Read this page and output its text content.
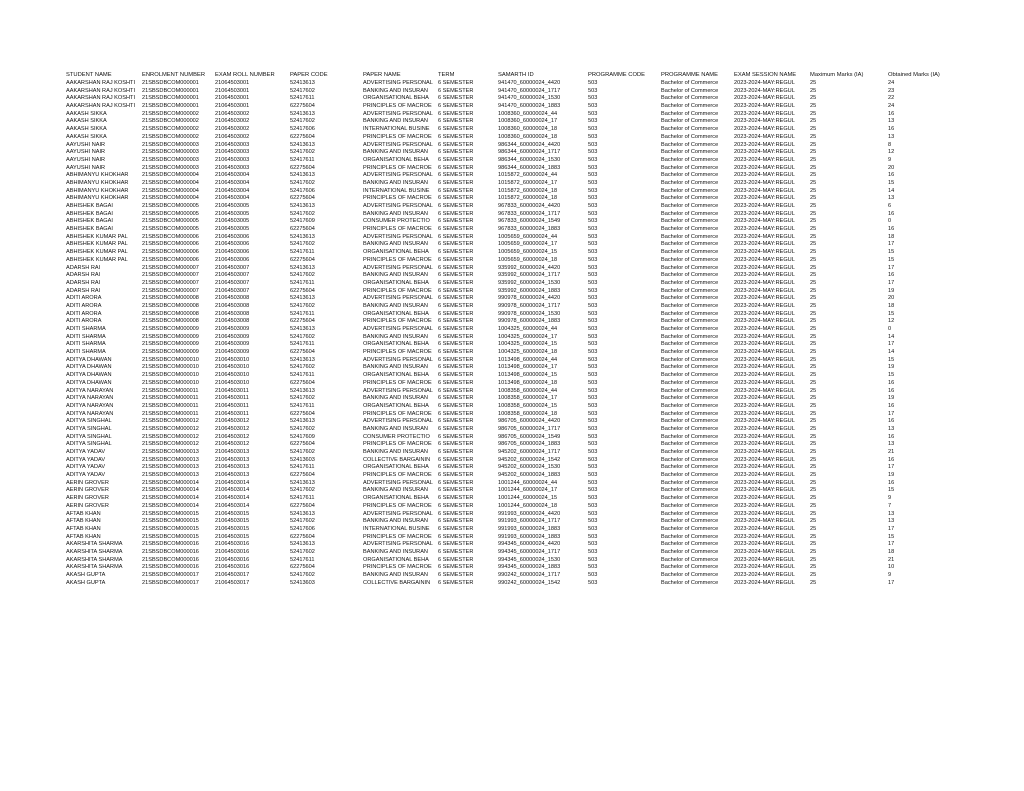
STUDENT NAME	ENROLMENT NUMBER	EXAM ROLL NUMBER	PAPER CODE	PAPER NAME	TERM	SAMARTH ID	PROGRAMME CODE	PROGRAMME NAME	EXAM SESSION NAME	Maximum Marks (IA)	Obtained Marks (IA)
AAKARSHAN RAJ KOSHTI	21SBSDBCOM000001	21064503001	52413613	ADVERTISING PERSONAL	6 SEMESTER	941470_60000024_4420	503	Bachelor of Commerce	2023-2024-MAY:REGUL	25	24
AAKARSHAN RAJ KOSHTI	21SBSDBCOM000001	21064503001	52417602	BANKING AND INSURAN	6 SEMESTER	941470_60000024_1717	503	Bachelor of Commerce	2023-2024-MAY:REGUL	25	23
AAKARSHAN RAJ KOSHTI	21SBSDBCOM000001	21064503001	52417611	ORGANISATIONAL BEHA	6 SEMESTER	941470_60000024_1530	503	Bachelor of Commerce	2023-2024-MAY:REGUL	25	22
AAKARSHAN RAJ KOSHTI	21SBSDBCOM000001	21064503001	62275604	PRINCIPLES OF MACROE	6 SEMESTER	941470_60000024_1883	503	Bachelor of Commerce	2023-2024-MAY:REGUL	25	24
AAKASH SIKKA	21SBSDBCOM000002	21064503002	52413613	ADVERTISING PERSONAL	6 SEMESTER	1008360_60000024_44	503	Bachelor of Commerce	2023-2024-MAY:REGUL	25	16
AAKASH SIKKA	21SBSDBCOM000002	21064503002	52417602	BANKING AND INSURAN	6 SEMESTER	1008360_60000024_17	503	Bachelor of Commerce	2023-2024-MAY:REGUL	25	13
AAKASH SIKKA	21SBSDBCOM000002	21064503002	52417606	INTERNATIONAL BUSINE	6 SEMESTER	1008360_60000024_18	503	Bachelor of Commerce	2023-2024-MAY:REGUL	25	16
AAKASH SIKKA	21SBSDBCOM000002	21064503002	62275604	PRINCIPLES OF MACROE	6 SEMESTER	1008360_60000024_18	503	Bachelor of Commerce	2023-2024-MAY:REGUL	25	13
AAYUSHI NAIR	21SBSDBCOM000003	21064503003	52413613	ADVERTISING PERSONAL	6 SEMESTER	986344_60000024_4420	503	Bachelor of Commerce	2023-2024-MAY:REGUL	25	8
AAYUSHI NAIR	21SBSDBCOM000003	21064503003	52417602	BANKING AND INSURAN	6 SEMESTER	986344_60000024_1717	503	Bachelor of Commerce	2023-2024-MAY:REGUL	25	12
AAYUSHI NAIR	21SBSDBCOM000003	21064503003	52417611	ORGANISATIONAL BEHA	6 SEMESTER	986344_60000024_1530	503	Bachelor of Commerce	2023-2024-MAY:REGUL	25	9
AAYUSHI NAIR	21SBSDBCOM000003	21064503003	62275604	PRINCIPLES OF MACROE	6 SEMESTER	986344_60000024_1883	503	Bachelor of Commerce	2023-2024-MAY:REGUL	25	20
ABHIMANYU KHOKHAR	21SBSDBCOM000004	21064503004	52413613	ADVERTISING PERSONAL	6 SEMESTER	1015872_60000024_44	503	Bachelor of Commerce	2023-2024-MAY:REGUL	25	16
ABHIMANYU KHOKHAR	21SBSDBCOM000004	21064503004	52417602	BANKING AND INSURAN	6 SEMESTER	1015872_60000024_17	503	Bachelor of Commerce	2023-2024-MAY:REGUL	25	15
ABHIMANYU KHOKHAR	21SBSDBCOM000004	21064503004	52417606	INTERNATIONAL BUSINE	6 SEMESTER	1015872_60000024_18	503	Bachelor of Commerce	2023-2024-MAY:REGUL	25	14
ABHIMANYU KHOKHAR	21SBSDBCOM000004	21064503004	62275604	PRINCIPLES OF MACROE	6 SEMESTER	1015872_60000024_18	503	Bachelor of Commerce	2023-2024-MAY:REGUL	25	13
ABHISHEK BAGAI	21SBSDBCOM000005	21064503005	52413613	ADVERTISING PERSONAL	6 SEMESTER	967833_60000024_4420	503	Bachelor of Commerce	2023-2024-MAY:REGUL	25	6
ABHISHEK BAGAI	21SBSDBCOM000005	21064503005	52417602	BANKING AND INSURAN	6 SEMESTER	967833_60000024_1717	503	Bachelor of Commerce	2023-2024-MAY:REGUL	25	16
ABHISHEK BAGAI	21SBSDBCOM000005	21064503005	52417609	CONSUMER PROTECTIO	6 SEMESTER	967833_60000024_1549	503	Bachelor of Commerce	2023-2024-MAY:REGUL	25	0
ABHISHEK BAGAI	21SBSDBCOM000005	21064503005	62275604	PRINCIPLES OF MACROE	6 SEMESTER	967833_60000024_1883	503	Bachelor of Commerce	2023-2024-MAY:REGUL	25	16
ABHISHEK KUMAR PAL	21SBSDBCOM000006	21064503006	52413613	ADVERTISING PERSONAL	6 SEMESTER	1005659_60000024_44	503	Bachelor of Commerce	2023-2024-MAY:REGUL	25	18
ABHISHEK KUMAR PAL	21SBSDBCOM000006	21064503006	52417602	BANKING AND INSURAN	6 SEMESTER	1005659_60000024_17	503	Bachelor of Commerce	2023-2024-MAY:REGUL	25	17
ABHISHEK KUMAR PAL	21SBSDBCOM000006	21064503006	52417611	ORGANISATIONAL BEHA	6 SEMESTER	1005659_60000024_15	503	Bachelor of Commerce	2023-2024-MAY:REGUL	25	15
ABHISHEK KUMAR PAL	21SBSDBCOM000006	21064503006	62275604	PRINCIPLES OF MACROE	6 SEMESTER	1005659_60000024_18	503	Bachelor of Commerce	2023-2024-MAY:REGUL	25	15
ADARSH RAI	21SBSDBCOM000007	21064503007	52413613	ADVERTISING PERSONAL	6 SEMESTER	935992_60000024_4420	503	Bachelor of Commerce	2023-2024-MAY:REGUL	25	17
ADARSH RAI	21SBSDBCOM000007	21064503007	52417602	BANKING AND INSURAN	6 SEMESTER	935992_60000024_1717	503	Bachelor of Commerce	2023-2024-MAY:REGUL	25	16
ADARSH RAI	21SBSDBCOM000007	21064503007	52417611	ORGANISATIONAL BEHA	6 SEMESTER	935992_60000024_1530	503	Bachelor of Commerce	2023-2024-MAY:REGUL	25	17
ADARSH RAI	21SBSDBCOM000007	21064503007	62275604	PRINCIPLES OF MACROE	6 SEMESTER	935992_60000024_1883	503	Bachelor of Commerce	2023-2024-MAY:REGUL	25	19
ADITI ARORA	21SBSDBCOM000008	21064503008	52413613	ADVERTISING PERSONAL	6 SEMESTER	990978_60000024_4420	503	Bachelor of Commerce	2023-2024-MAY:REGUL	25	20
ADITI ARORA	21SBSDBCOM000008	21064503008	52417602	BANKING AND INSURAN	6 SEMESTER	990978_60000024_1717	503	Bachelor of Commerce	2023-2024-MAY:REGUL	25	18
ADITI ARORA	21SBSDBCOM000008	21064503008	52417611	ORGANISATIONAL BEHA	6 SEMESTER	990978_60000024_1530	503	Bachelor of Commerce	2023-2024-MAY:REGUL	25	15
ADITI ARORA	21SBSDBCOM000008	21064503008	62275604	PRINCIPLES OF MACROE	6 SEMESTER	990978_60000024_1883	503	Bachelor of Commerce	2023-2024-MAY:REGUL	25	12
ADITI SHARMA	21SBSDBCOM000009	21064503009	52413613	ADVERTISING PERSONAL	6 SEMESTER	1004325_60000024_44	503	Bachelor of Commerce	2023-2024-MAY:REGUL	25	0
ADITI SHARMA	21SBSDBCOM000009	21064503009	52417602	BANKING AND INSURAN	6 SEMESTER	1004325_60000024_17	503	Bachelor of Commerce	2023-2024-MAY:REGUL	25	14
ADITI SHARMA	21SBSDBCOM000009	21064503009	52417611	ORGANISATIONAL BEHA	6 SEMESTER	1004325_60000024_15	503	Bachelor of Commerce	2023-2024-MAY:REGUL	25	17
ADITI SHARMA	21SBSDBCOM000009	21064503009	62275604	PRINCIPLES OF MACROE	6 SEMESTER	1004325_60000024_18	503	Bachelor of Commerce	2023-2024-MAY:REGUL	25	14
ADITYA DHAWAN	21SBSDBCOM000010	21064503010	52413613	ADVERTISING PERSONAL	6 SEMESTER	1013498_60000024_44	503	Bachelor of Commerce	2023-2024-MAY:REGUL	25	15
ADITYA DHAWAN	21SBSDBCOM000010	21064503010	52417602	BANKING AND INSURAN	6 SEMESTER	1013498_60000024_17	503	Bachelor of Commerce	2023-2024-MAY:REGUL	25	19
ADITYA DHAWAN	21SBSDBCOM000010	21064503010	52417611	ORGANISATIONAL BEHA	6 SEMESTER	1013498_60000024_15	503	Bachelor of Commerce	2023-2024-MAY:REGUL	25	15
ADITYA DHAWAN	21SBSDBCOM000010	21064503010	62275604	PRINCIPLES OF MACROE	6 SEMESTER	1013498_60000024_18	503	Bachelor of Commerce	2023-2024-MAY:REGUL	25	16
ADITYA NARAYAN	21SBSDBCOM000011	21064503011	52413613	ADVERTISING PERSONAL	6 SEMESTER	1008358_60000024_44	503	Bachelor of Commerce	2023-2024-MAY:REGUL	25	16
ADITYA NARAYAN	21SBSDBCOM000011	21064503011	52417602	BANKING AND INSURAN	6 SEMESTER	1008358_60000024_17	503	Bachelor of Commerce	2023-2024-MAY:REGUL	25	19
ADITYA NARAYAN	21SBSDBCOM000011	21064503011	52417611	ORGANISATIONAL BEHA	6 SEMESTER	1008358_60000024_15	503	Bachelor of Commerce	2023-2024-MAY:REGUL	25	16
ADITYA NARAYAN	21SBSDBCOM000011	21064503011	62275604	PRINCIPLES OF MACROE	6 SEMESTER	1008358_60000024_18	503	Bachelor of Commerce	2023-2024-MAY:REGUL	25	17
ADITYA SINGHAL	21SBSDBCOM000012	21064503012	52413613	ADVERTISING PERSONAL	6 SEMESTER	986705_60000024_4420	503	Bachelor of Commerce	2023-2024-MAY:REGUL	25	16
ADITYA SINGHAL	21SBSDBCOM000012	21064503012	52417602	BANKING AND INSURAN	6 SEMESTER	986705_60000024_1717	503	Bachelor of Commerce	2023-2024-MAY:REGUL	25	13
ADITYA SINGHAL	21SBSDBCOM000012	21064503012	52417609	CONSUMER PROTECTIO	6 SEMESTER	986705_60000024_1549	503	Bachelor of Commerce	2023-2024-MAY:REGUL	25	16
ADITYA SINGHAL	21SBSDBCOM000012	21064503012	62275604	PRINCIPLES OF MACROE	6 SEMESTER	986705_60000024_1883	503	Bachelor of Commerce	2023-2024-MAY:REGUL	25	13
ADITYA YADAV	21SBSDBCOM000013	21064503013	52417602	BANKING AND INSURAN	6 SEMESTER	945202_60000024_1717	503	Bachelor of Commerce	2023-2024-MAY:REGUL	25	21
ADITYA YADAV	21SBSDBCOM000013	21064503013	52413603	COLLECTIVE BARGAININ	6 SEMESTER	945202_60000024_1542	503	Bachelor of Commerce	2023-2024-MAY:REGUL	25	16
ADITYA YADAV	21SBSDBCOM000013	21064503013	52417611	ORGANISATIONAL BEHA	6 SEMESTER	945202_60000024_1530	503	Bachelor of Commerce	2023-2024-MAY:REGUL	25	17
ADITYA YADAV	21SBSDBCOM000013	21064503013	62275604	PRINCIPLES OF MACROE	6 SEMESTER	945202_60000024_1883	503	Bachelor of Commerce	2023-2024-MAY:REGUL	25	19
AERIN GROVER	21SBSDBCOM000014	21064503014	52413613	ADVERTISING PERSONAL	6 SEMESTER	1001244_60000024_44	503	Bachelor of Commerce	2023-2024-MAY:REGUL	25	16
AERIN GROVER	21SBSDBCOM000014	21064503014	52417602	BANKING AND INSURAN	6 SEMESTER	1001244_60000024_17	503	Bachelor of Commerce	2023-2024-MAY:REGUL	25	15
AERIN GROVER	21SBSDBCOM000014	21064503014	52417611	ORGANISATIONAL BEHA	6 SEMESTER	1001244_60000024_15	503	Bachelor of Commerce	2023-2024-MAY:REGUL	25	9
AERIN GROVER	21SBSDBCOM000014	21064503014	62275604	PRINCIPLES OF MACROE	6 SEMESTER	1001244_60000024_18	503	Bachelor of Commerce	2023-2024-MAY:REGUL	25	7
AFTAB KHAN	21SBSDBCOM000015	21064503015	52413613	ADVERTISING PERSONAL	6 SEMESTER	991993_60000024_4420	503	Bachelor of Commerce	2023-2024-MAY:REGUL	25	13
AFTAB KHAN	21SBSDBCOM000015	21064503015	52417602	BANKING AND INSURAN	6 SEMESTER	991993_60000024_1717	503	Bachelor of Commerce	2023-2024-MAY:REGUL	25	13
AFTAB KHAN	21SBSDBCOM000015	21064503015	52417606	INTERNATIONAL BUSINE	6 SEMESTER	991993_60000024_1883	503	Bachelor of Commerce	2023-2024-MAY:REGUL	25	17
AFTAB KHAN	21SBSDBCOM000015	21064503015	62275604	PRINCIPLES OF MACROE	6 SEMESTER	991993_60000024_1883	503	Bachelor of Commerce	2023-2024-MAY:REGUL	25	15
AKARSHITA SHARMA	21SBSDBCOM000016	21064503016	52413613	ADVERTISING PERSONAL	6 SEMESTER	994345_60000024_4420	503	Bachelor of Commerce	2023-2024-MAY:REGUL	25	17
AKARSHITA SHARMA	21SBSDBCOM000016	21064503016	52417602	BANKING AND INSURAN	6 SEMESTER	994345_60000024_1717	503	Bachelor of Commerce	2023-2024-MAY:REGUL	25	18
AKARSHITA SHARMA	21SBSDBCOM000016	21064503016	52417611	ORGANISATIONAL BEHA	6 SEMESTER	994345_60000024_1530	503	Bachelor of Commerce	2023-2024-MAY:REGUL	25	21
AKARSHITA SHARMA	21SBSDBCOM000016	21064503016	62275604	PRINCIPLES OF MACROE	6 SEMESTER	994345_60000024_1883	503	Bachelor of Commerce	2023-2024-MAY:REGUL	25	10
AKASH GUPTA	21SBSDBCOM000017	21064503017	52417602	BANKING AND INSURAN	6 SEMESTER	990242_60000024_1717	503	Bachelor of Commerce	2023-2024-MAY:REGUL	25	9
AKASH GUPTA	21SBSDBCOM000017	21064503017	52413603	COLLECTIVE BARGAININ	6 SEMESTER	990242_60000024_1542	503	Bachelor of Commerce	2023-2024-MAY:REGUL	25	17
